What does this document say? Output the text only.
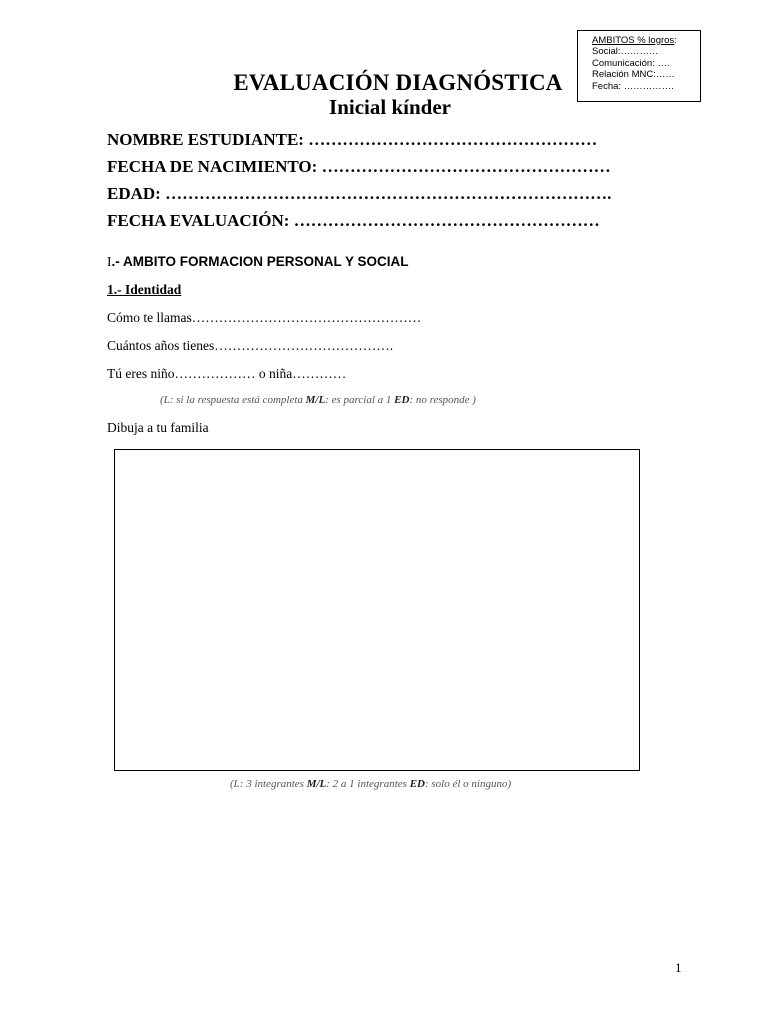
AMBITOS % logros:
Social:…………
Comunicación: ….
Relación MNC:……
Fecha: …………….
EVALUACIÓN DIAGNÓSTICA
Inicial kínder
NOMBRE ESTUDIANTE: ……………………………………………
FECHA DE NACIMIENTO: ……………………………………………
EDAD: …………………………………………………………………….
FECHA EVALUACIÓN: ………………………………………………
I.- AMBITO FORMACION PERSONAL Y SOCIAL
1.- Identidad
Cómo te llamas……………………………………………
Cuántos años tienes………………………………….
Tú eres niño……………… o niña…………
(L: si la respuesta está completa M/L: es parcial a 1 ED: no responde )
Dibuja a tu familia
(L: 3 integrantes M/L: 2 a 1 integrantes ED: solo él o ninguno)
1
